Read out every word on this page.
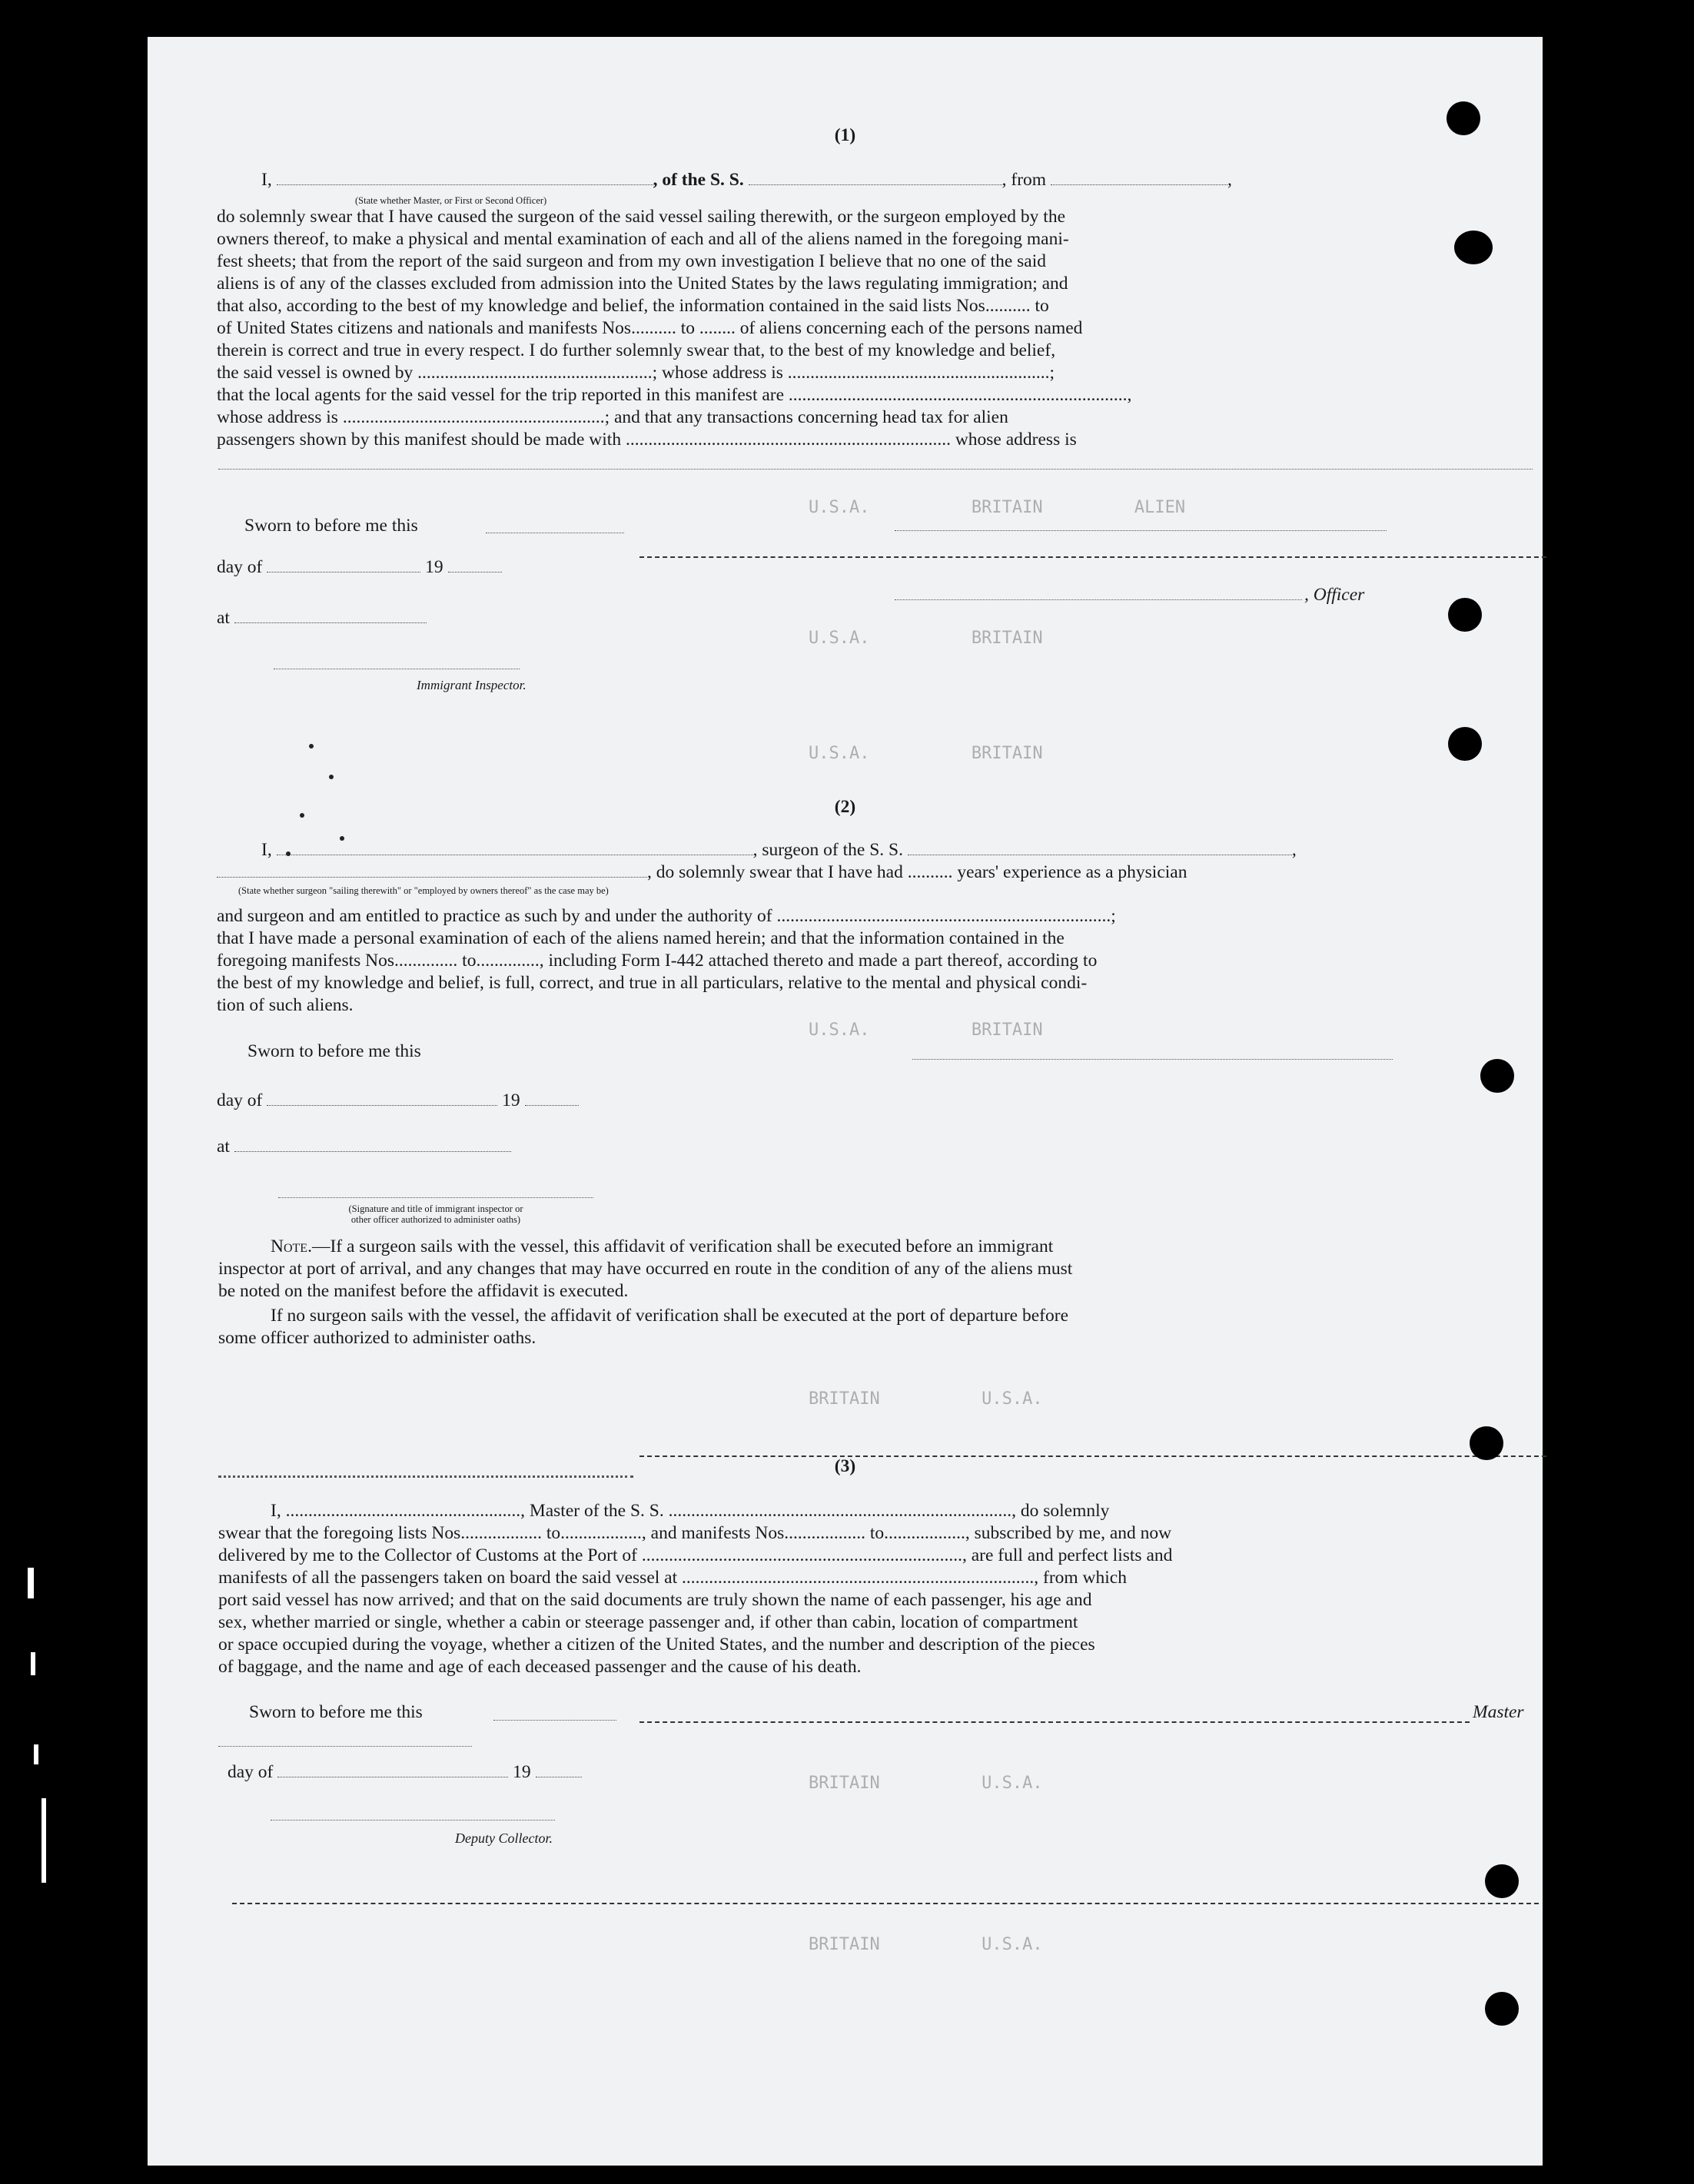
(1)
I,	, of the S. S.	, from	,
(State whether Master, or First or Second Officer)
do solemnly swear that I have caused the surgeon of the said vessel sailing therewith, or the surgeon employed by the
owners thereof, to make a physical and mental examination of each and all of the aliens named in the foregoing mani-
fest sheets; that from the report of the said surgeon and from my own investigation I believe that no one of the said
aliens is of any of the classes excluded from admission into the United States by the laws regulating immigration; and
that also, according to the best of my knowledge and belief, the information contained in the said lists Nos.......... to
of United States citizens and nationals and manifests Nos.......... to ........ of aliens concerning each of the persons named
therein is correct and true in every respect. I do further solemnly swear that, to the best of my knowledge and belief,
the said vessel is owned by ....................................................; whose address is ..........................................................;
that the local agents for the said vessel for the trip reported in this manifest are ...........................................................................,
whose address is ..........................................................; and that any transactions concerning head tax for alien
passengers shown by this manifest should be made with ........................................................................ whose address is
Sworn to before me this
day of	19
, Officer
at
Immigrant Inspector.
(2)
I,	, surgeon of the S. S.	,
, do solemnly swear that I have had .......... years' experience as a physician
(State whether surgeon "sailing therewith" or "employed by owners thereof" as the case may be)
and surgeon and am entitled to practice as such by and under the authority of ..........................................................................;
that I have made a personal examination of each of the aliens named herein; and that the information contained in the
foregoing manifests Nos.............. to.............., including Form I-442 attached thereto and made a part thereof, according to
the best of my knowledge and belief, is full, correct, and true in all particulars, relative to the mental and physical condi-
tion of such aliens.
Sworn to before me this
day of	19
at
(Signature and title of immigrant inspector or
other officer authorized to administer oaths)
Note.—If a surgeon sails with the vessel, this affidavit of verification shall be executed before an immigrant
inspector at port of arrival, and any changes that may have occurred en route in the condition of any of the aliens must
be noted on the manifest before the affidavit is executed.
If no surgeon sails with the vessel, the affidavit of verification shall be executed at the port of departure before
some officer authorized to administer oaths.
(3)
I, ...................................................., Master of the S. S. ............................................................................, do solemnly
swear that the foregoing lists Nos.................. to.................., and manifests Nos.................. to.................., subscribed by me, and now
delivered by me to the Collector of Customs at the Port of ......................................................................., are full and perfect lists and
manifests of all the passengers taken on board the said vessel at .............................................................................., from which
port said vessel has now arrived; and that on the said documents are truly shown the name of each passenger, his age and
sex, whether married or single, whether a cabin or steerage passenger and, if other than cabin, location of compartment
or space occupied during the voyage, whether a citizen of the United States, and the number and description of the pieces
of baggage, and the name and age of each deceased passenger and the cause of his death.
Sworn to before me this	Master
day of	19
Deputy Collector.
U.S.A.          BRITAIN         ALIEN
U.S.A.          BRITAIN
U.S.A.          BRITAIN
U.S.A.          BRITAIN
BRITAIN          U.S.A.
BRITAIN          U.S.A.
BRITAIN          U.S.A.
